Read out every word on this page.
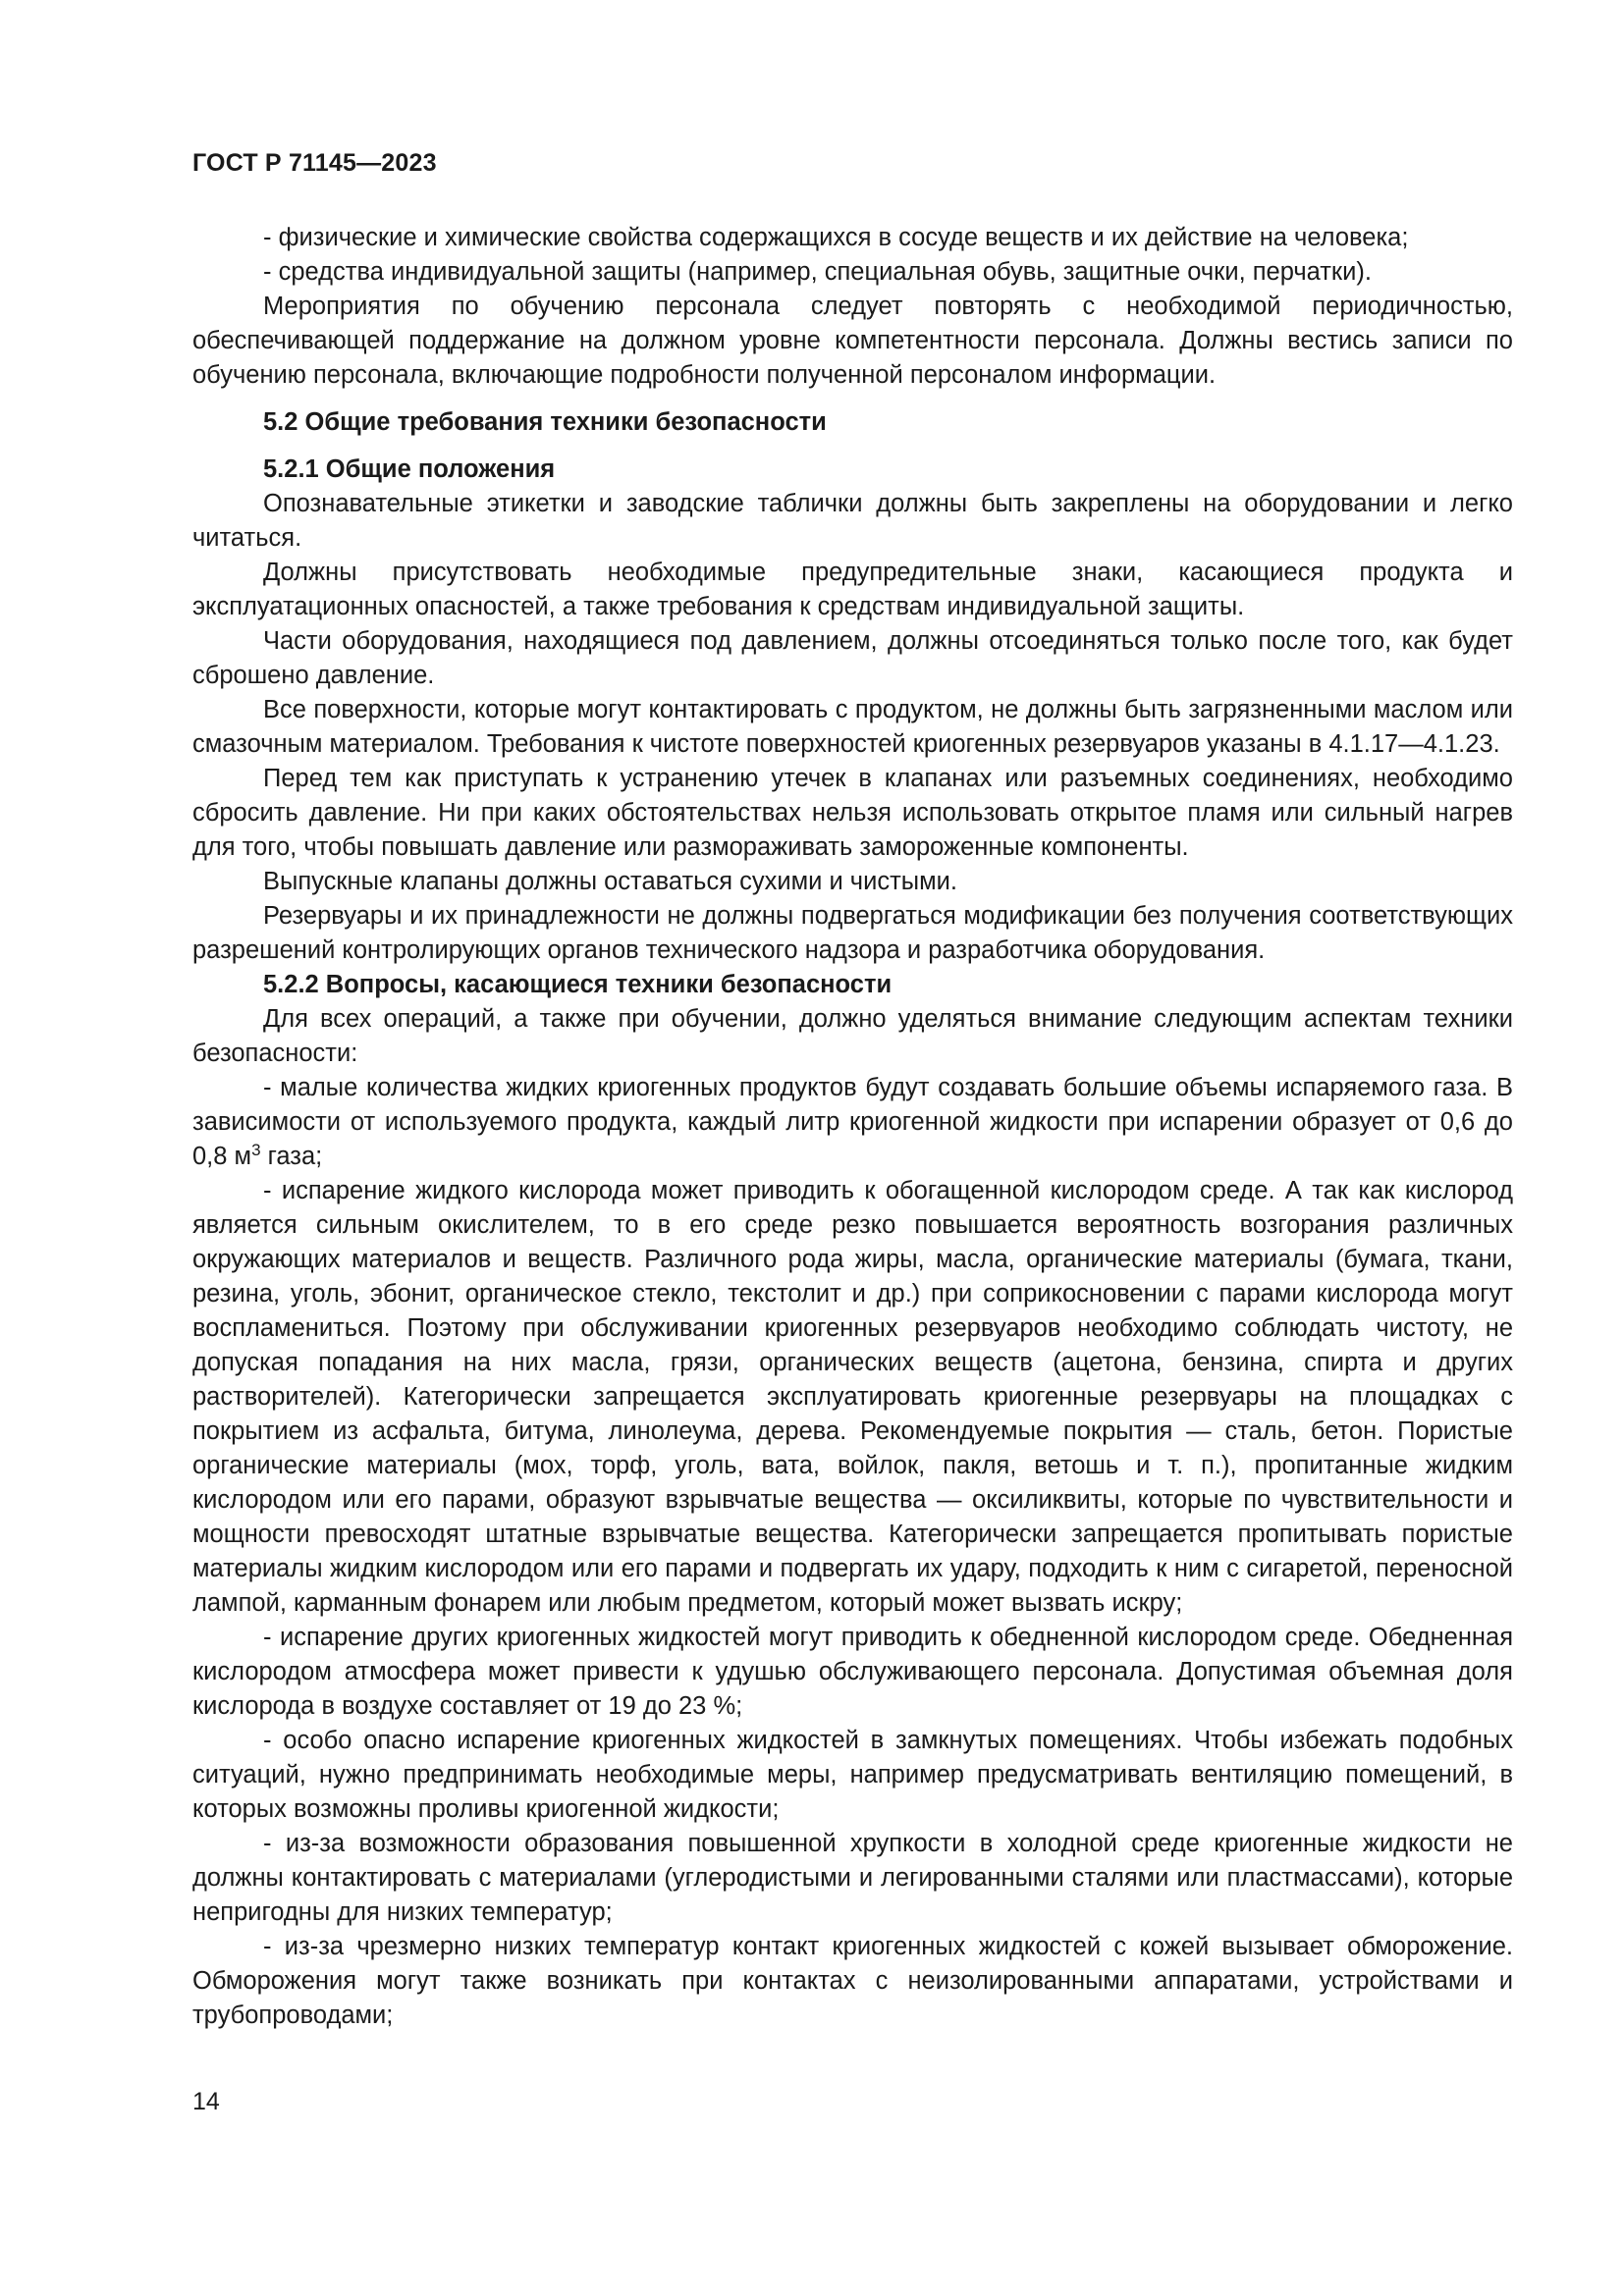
ГОСТ Р 71145—2023

- физические и химические свойства содержащихся в сосуде веществ и их действие на человека;

- средства индивидуальной защиты (например, специальная обувь, защитные очки, перчатки).

Мероприятия по обучению персонала следует повторять с необходимой периодичностью, обеспечивающей поддержание на должном уровне компетентности персонала. Должны вестись записи по обучению персонала, включающие подробности полученной персоналом информации.

5.2 Общие требования техники безопасности

5.2.1 Общие положения

Опознавательные этикетки и заводские таблички должны быть закреплены на оборудовании и легко читаться.

Должны присутствовать необходимые предупредительные знаки, касающиеся продукта и эксплуатационных опасностей, а также требования к средствам индивидуальной защиты.

Части оборудования, находящиеся под давлением, должны отсоединяться только после того, как будет сброшено давление.

Все поверхности, которые могут контактировать с продуктом, не должны быть загрязненными маслом или смазочным материалом. Требования к чистоте поверхностей криогенных резервуаров указаны в 4.1.17—4.1.23.

Перед тем как приступать к устранению утечек в клапанах или разъемных соединениях, необходимо сбросить давление. Ни при каких обстоятельствах нельзя использовать открытое пламя или сильный нагрев для того, чтобы повышать давление или размораживать замороженные компоненты.

Выпускные клапаны должны оставаться сухими и чистыми.

Резервуары и их принадлежности не должны подвергаться модификации без получения соответствующих разрешений контролирующих органов технического надзора и разработчика оборудования.

5.2.2 Вопросы, касающиеся техники безопасности

Для всех операций, а также при обучении, должно уделяться внимание следующим аспектам техники безопасности:

- малые количества жидких криогенных продуктов будут создавать большие объемы испаряемого газа. В зависимости от используемого продукта, каждый литр криогенной жидкости при испарении образует от 0,6 до 0,8 $м^3$ газа;

- испарение жидкого кислорода может приводить к обогащенной кислородом среде. А так как кислород является сильным окислителем, то в его среде резко повышается вероятность возгорания различных окружающих материалов и веществ. Различного рода жиры, масла, органические материалы (бумага, ткани, резина, уголь, эбонит, органическое стекло, текстолит и др.) при соприкосновении с парами кислорода могут воспламениться. Поэтому при обслуживании криогенных резервуаров необходимо соблюдать чистоту, не допуская попадания на них масла, грязи, органических веществ (ацетона, бензина, спирта и других растворителей). Категорически запрещается эксплуатировать криогенные резервуары на площадках с покрытием из асфальта, битума, линолеума, дерева. Рекомендуемые покрытия — сталь, бетон. Пористые органические материалы (мох, торф, уголь, вата, войлок, пакля, ветошь и т. п.), пропитанные жидким кислородом или его парами, образуют взрывчатые вещества — оксиликвиты, которые по чувствительности и мощности превосходят штатные взрывчатые вещества. Категорически запрещается пропитывать пористые материалы жидким кислородом или его парами и подвергать их удару, подходить к ним с сигаретой, переносной лампой, карманным фонарем или любым предметом, который может вызвать искру;

- испарение других криогенных жидкостей могут приводить к обедненной кислородом среде. Обедненная кислородом атмосфера может привести к удушью обслуживающего персонала. Допустимая объемная доля кислорода в воздухе составляет от 19 до 23 %;

- особо опасно испарение криогенных жидкостей в замкнутых помещениях. Чтобы избежать подобных ситуаций, нужно предпринимать необходимые меры, например предусматривать вентиляцию помещений, в которых возможны проливы криогенной жидкости;

- из-за возможности образования повышенной хрупкости в холодной среде криогенные жидкости не должны контактировать с материалами (углеродистыми и легированными сталями или пластмассами), которые непригодны для низких температур;

- из-за чрезмерно низких температур контакт криогенных жидкостей с кожей вызывает обморожение. Обморожения могут также возникать при контактах с неизолированными аппаратами, устройствами и трубопроводами;

14
